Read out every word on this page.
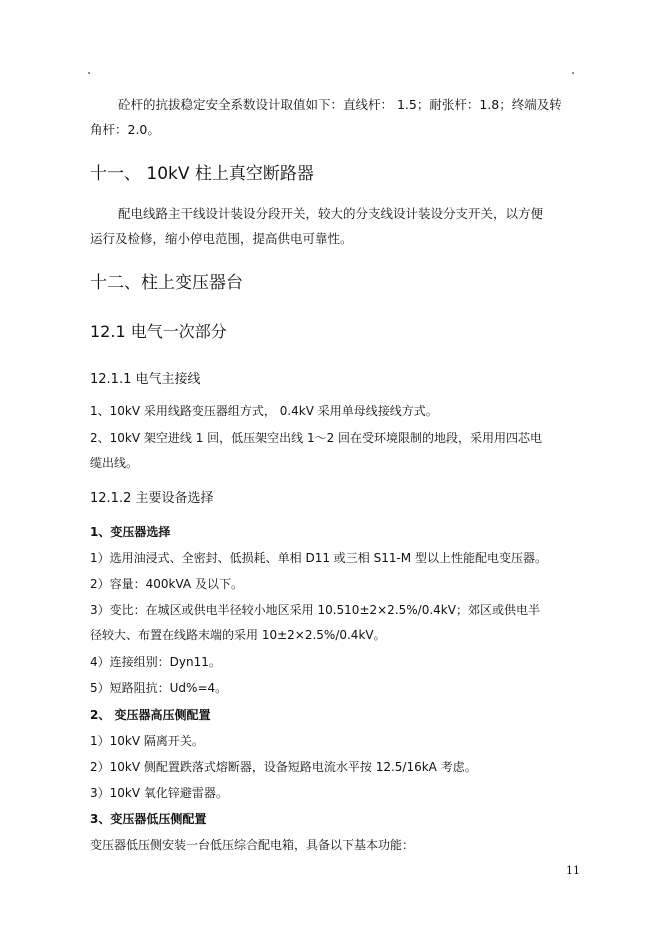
砼杆的抗拔稳定安全系数设计取值如下：直线杆： 1.5；耐张杆：1.8；终端及转
角杆：2.0。
十一、 10kV 柱上真空断路器
配电线路主干线设计装设分段开关，较大的分支线设计装设分支开关，以方便
运行及检修，缩小停电范围，提高供电可靠性。
十二、柱上变压器台
12.1 电气一次部分
12.1.1 电气主接线
1、10kV 采用线路变压器组方式， 0.4kV 采用单母线接线方式。
2、10kV 架空进线 1 回，低压架空出线 1～2 回在受环境限制的地段，采用用四芯电
缆出线。
12.1.2 主要设备选择
1、变压器选择
1）选用油浸式、全密封、低损耗、单相 D11 或三相 S11-M 型以上性能配电变压器。
2）容量：400kVA 及以下。
3）变比：在城区或供电半径较小地区采用 10.510±2×2.5%/0.4kV；郊区或供电半
径较大、布置在线路末端的采用 10±2×2.5%/0.4kV。
4）连接组别：Dyn11。
5）短路阻抗：Ud%=4。
2、 变压器高压侧配置
1）10kV 隔离开关。
2）10kV 侧配置跌落式熔断器，设备短路电流水平按 12.5/16kA 考虑。
3）10kV 氧化锌避雷器。
3、变压器低压侧配置
变压器低压侧安装一台低压综合配电箱，具备以下基本功能：
11
